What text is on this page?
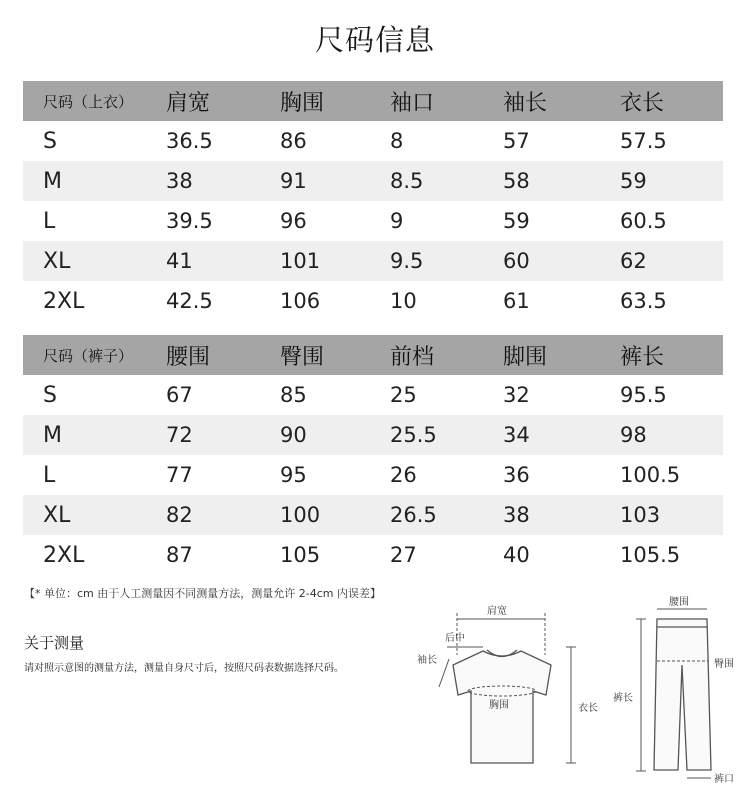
尺码信息
尺码（上衣） 肩宽	胸围	袖口	袖长	衣长
S	36.5	86	8	57	57.5
M	38	91	8.5	58	59
L	39.5	96	9	59	60.5
XL	41	101	9.5	60	62
2XL	42.5	106	10	61	63.5
尺码（裤子） 腰围	臀围	前档	脚围	裤长
S	67	85	25	32	95.5
M	72	90	25.5	34	98
L	77	95	26	36	100.5
XL	82	100	26.5	38	103
2XL	87	105	27	40	105.5
【* 单位：cm 由于人工测量因不同测量方法，测量允许 2-4cm 内误差】
关于测量
请对照示意图的测量方法，测量自身尺寸后，按照尺码表数据选择尺码。
肩宽
后中
袖长
胸围	衣长
腰围
臀围
裤长
裤口
